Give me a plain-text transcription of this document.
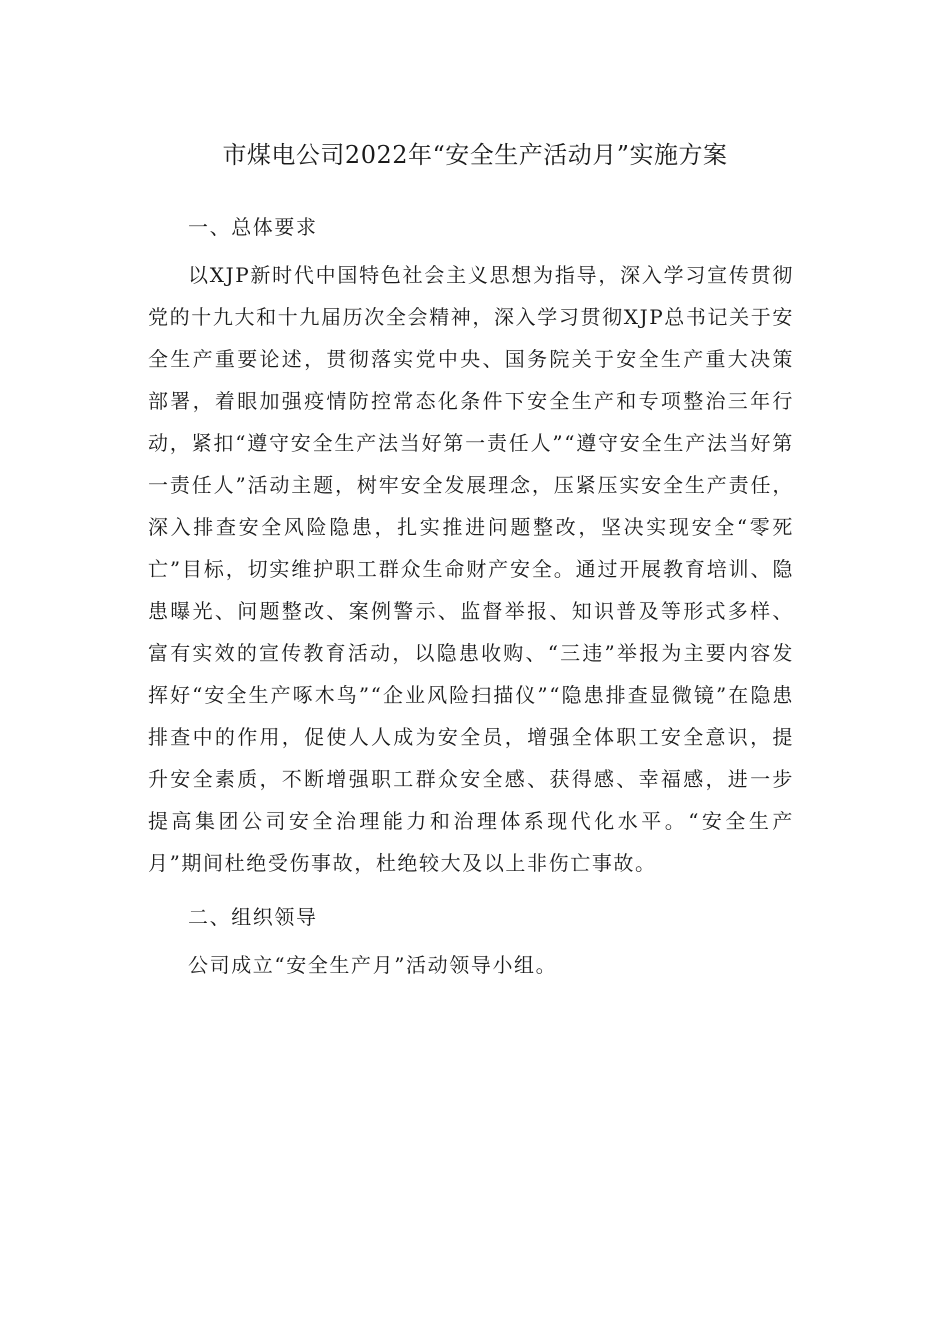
市煤电公司2022年“安全生产活动月”实施方案

一、总体要求

以XJP新时代中国特色社会主义思想为指导，深入学习宣传贯彻党的十九大和十九届历次全会精神，深入学习贯彻XJP总书记关于安全生产重要论述，贯彻落实党中央、国务院关于安全生产重大决策部署，着眼加强疫情防控常态化条件下安全生产和专项整治三年行动，紧扣“遵守安全生产法当好第一责任人”“遵守安全生产法当好第一责任人”活动主题，树牢安全发展理念，压紧压实安全生产责任，深入排查安全风险隐患，扎实推进问题整改，坚决实现安全“零死亡”目标，切实维护职工群众生命财产安全。通过开展教育培训、隐患曝光、问题整改、案例警示、监督举报、知识普及等形式多样、富有实效的宣传教育活动，以隐患收购、“三违”举报为主要内容发挥好“安全生产啄木鸟”“企业风险扫描仪”“隐患排查显微镜”在隐患排查中的作用，促使人人成为安全员，增强全体职工安全意识，提升安全素质，不断增强职工群众安全感、获得感、幸福感，进一步提高集团公司安全治理能力和治理体系现代化水平。“安全生产月”期间杜绝受伤事故，杜绝较大及以上非伤亡事故。

二、组织领导

公司成立“安全生产月”活动领导小组。
